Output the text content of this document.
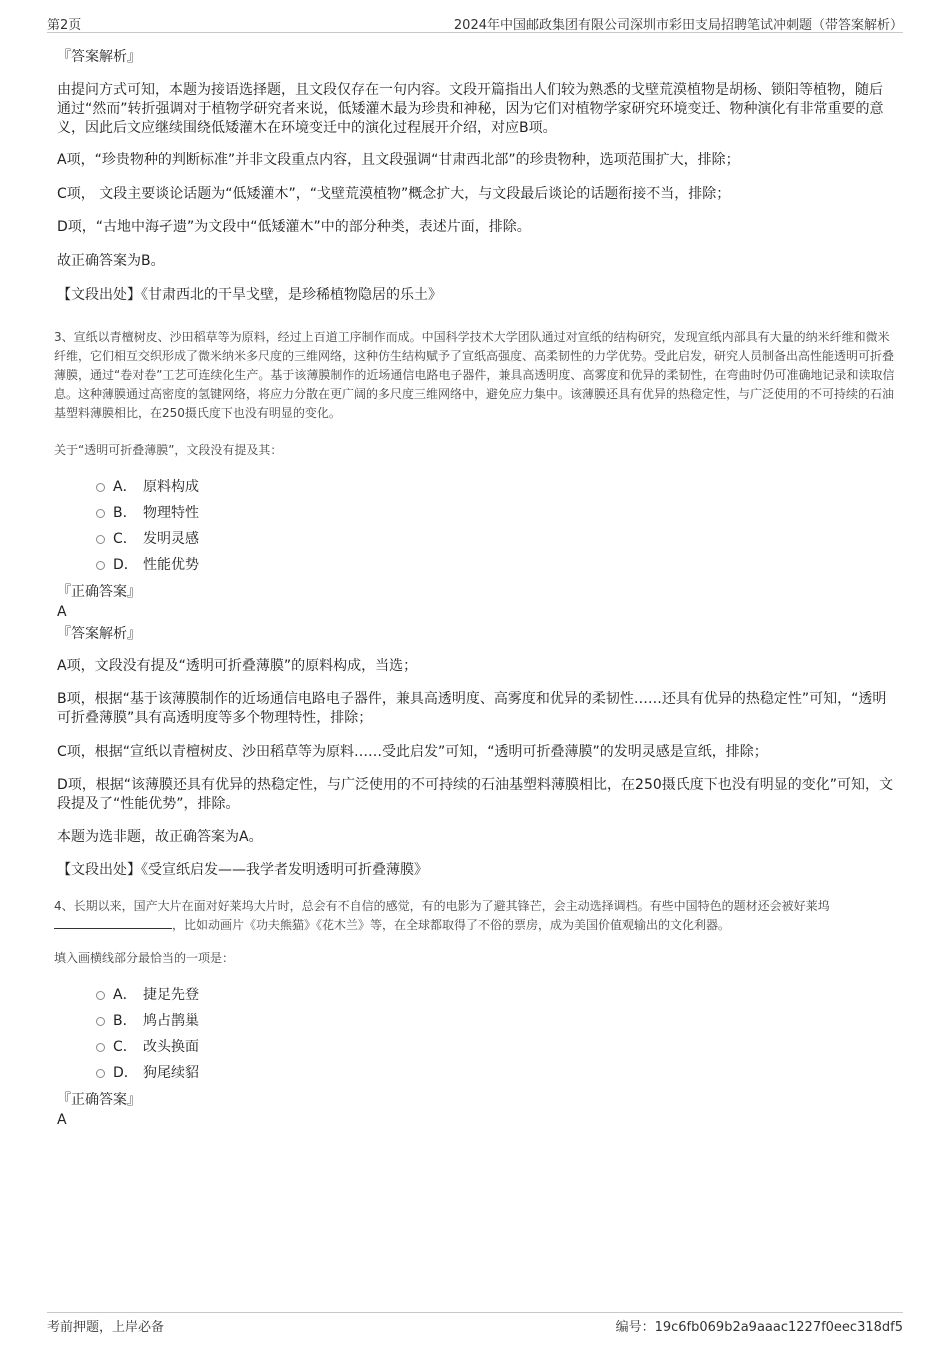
第2页	2024年中国邮政集团有限公司深圳市彩田支局招聘笔试冲刺题（带答案解析）
『答案解析』
由提问方式可知，本题为接语选择题，且文段仅存在一句内容。文段开篇指出人们较为熟悉的戈壁荒漠植物是胡杨、锁阳等植物，随后通过“然而”转折强调对于植物学研究者来说，低矮灌木最为珍贵和神秘，因为它们对植物学家研究环境变迁、物种演化有非常重要的意义，因此后文应继续围绕低矮灌木在环境变迁中的演化过程展开介绍，对应B项。
A项，“珍贵物种的判断标准”并非文段重点内容，且文段强调“甘肃西北部”的珍贵物种，选项范围扩大，排除；
C项， 文段主要谈论话题为“低矮灌木”，“戈壁荒漠植物”概念扩大，与文段最后谈论的话题衔接不当，排除；
D项，“古地中海孑遗”为文段中“低矮灌木”中的部分种类，表述片面，排除。
故正确答案为B。
【文段出处】《甘肃西北的干旱戈壁，是珍稀植物隐居的乐土》
3、宣纸以青檀树皮、沙田稻草等为原料，经过上百道工序制作而成。中国科学技术大学团队通过对宣纸的结构研究，发现宣纸内部具有大量的纳米纤维和微米纤维，它们相互交织形成了微米纳米多尺度的三维网络，这种仿生结构赋予了宣纸高强度、高柔韧性的力学优势。受此启发，研究人员制备出高性能透明可折叠薄膜，通过“卷对卷”工艺可连续化生产。基于该薄膜制作的近场通信电路电子器件，兼具高透明度、高雾度和优异的柔韧性，在弯曲时仍可准确地记录和读取信息。这种薄膜通过高密度的氢键网络，将应力分散在更广阔的多尺度三维网络中，避免应力集中。该薄膜还具有优异的热稳定性，与广泛使用的不可持续的石油基塑料薄膜相比，在250摄氏度下也没有明显的变化。
关于“透明可折叠薄膜”，文段没有提及其：
A． 原料构成
B． 物理特性
C． 发明灵感
D． 性能优势
『正确答案』
A
『答案解析』
A项，文段没有提及“透明可折叠薄膜”的原料构成，当选；
B项，根据“基于该薄膜制作的近场通信电路电子器件，兼具高透明度、高雾度和优异的柔韧性……还具有优异的热稳定性”可知，“透明可折叠薄膜”具有高透明度等多个物理特性，排除；
C项，根据“宣纸以青檀树皮、沙田稻草等为原料……受此启发”可知，“透明可折叠薄膜”的发明灵感是宣纸，排除；
D项，根据“该薄膜还具有优异的热稳定性，与广泛使用的不可持续的石油基塑料薄膜相比，在250摄氏度下也没有明显的变化”可知，文段提及了“性能优势”，排除。
本题为选非题，故正确答案为A。
【文段出处】《受宣纸启发——我学者发明透明可折叠薄膜》
4、长期以来，国产大片在面对好莱坞大片时，总会有不自信的感觉，有的电影为了避其锋芒，会主动选择调档。有些中国特色的题材还会被好莱坞 ，比如动画片《功夫熊猫》《花木兰》等，在全球都取得了不俗的票房，成为美国价值观输出的文化利器。
填入画横线部分最恰当的一项是：
A． 捷足先登
B． 鸠占鹊巢
C． 改头换面
D． 狗尾续貂
『正确答案』
A
考前押题，上岸必备	编号：19c6fb069b2a9aaac1227f0eec318df5
